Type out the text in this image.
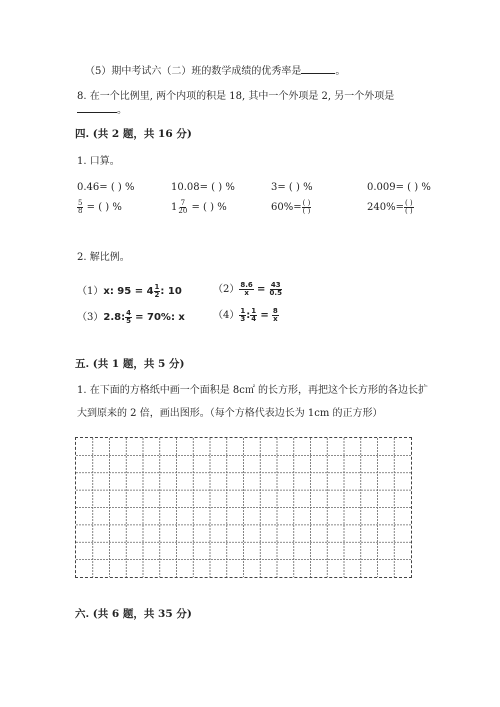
（5）期中考试六（二）班的数学成绩的优秀率是	。
8. 在一个比例里, 两个内项的积是 18, 其中一个外项是 2, 另一个外项是
。
四. (共 2 题，共 16 分)
1. 口算。
0.46= ( ) %	10.08= ( ) %	3= ( ) %	0.009= ( ) %
$\frac{5}{8}$ = ( ) %	$1 \frac{7}{20}$ = ( ) %	$60\%= \frac{( )}{( )}$	$240\%= \frac{( )}{( )}$
2. 解比例。
（1）x: $95 = 4 \frac{1}{2}$ : 10	$(2) \frac{8.6}{x} = \frac{43}{0.5}$
（3）2.8: $\frac{4}{5} = 70\%$: x	$(4) \frac{1}{3}$ : $\frac{1}{4} = \frac{8}{x}$
五. (共 1 题，共 5 分)
1. 在下面的方格纸中画一个面积是 8c㎡ 的长方形，再把这个长方形的各边长扩
大到原来的 2 倍，画出图形。（每个方格代表边长为 1cm 的正方形）
六. (共 6 题，共 35 分)
